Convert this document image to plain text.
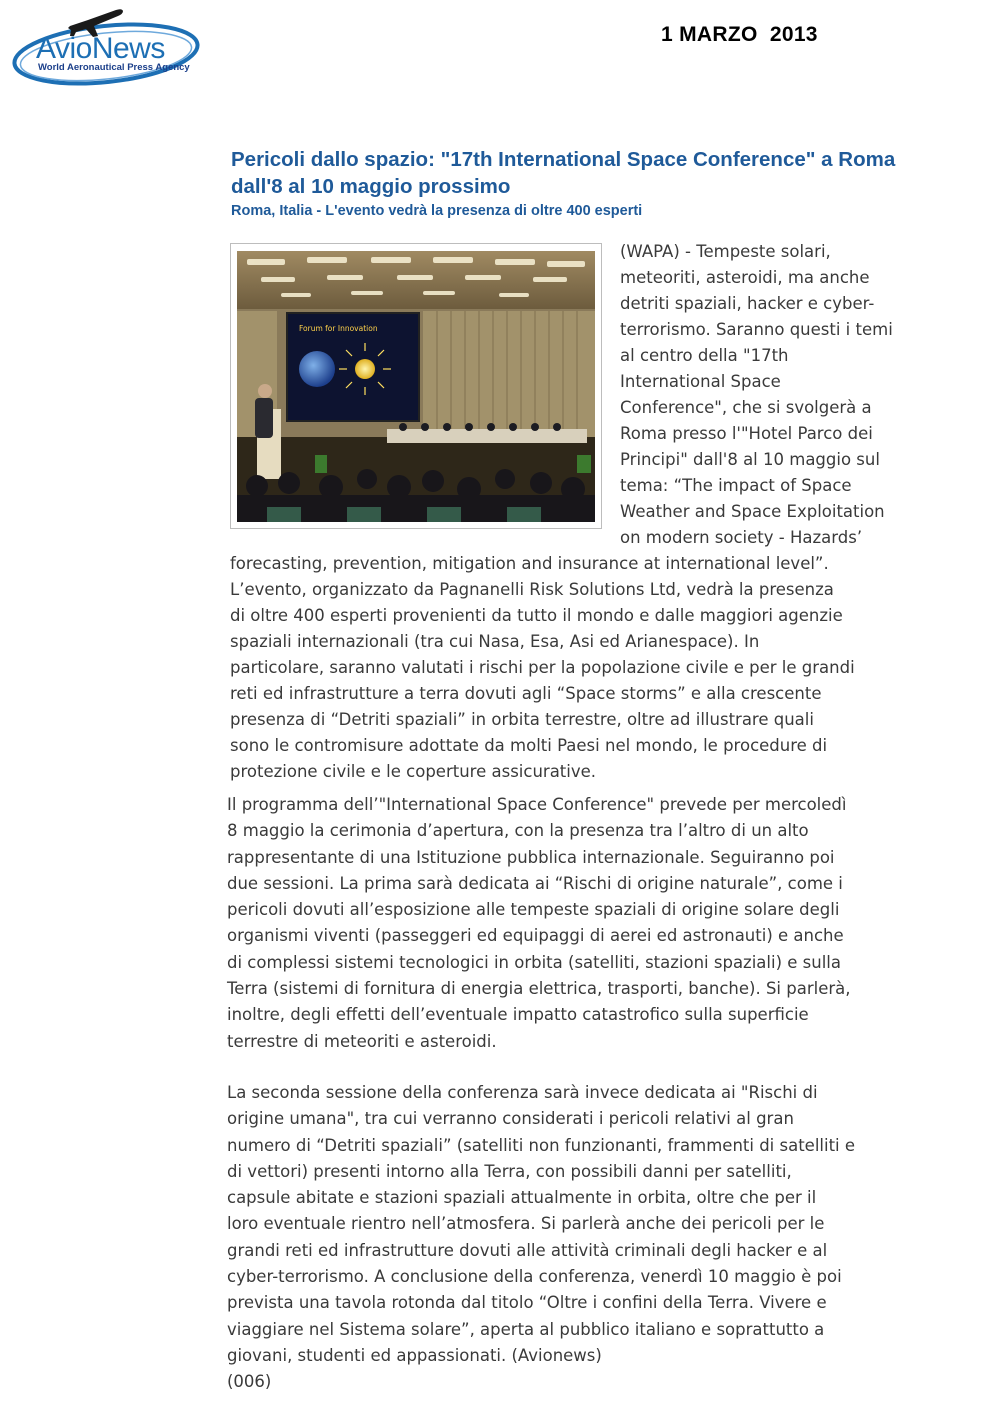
AvioNews
World Aeronautical Press Agency
1 MARZO  2013
Pericoli dallo spazio: "17th International Space Conference" a Roma dall'8 al 10 maggio prossimo
Roma, Italia - L'evento vedrà la presenza di oltre 400 esperti
Forum for Innovation
(WAPA) - Tempeste solari,
meteoriti, asteroidi, ma anche
detriti spaziali, hacker e cyber-
terrorismo. Saranno questi i temi
al centro della "17th
International Space
Conference", che si svolgerà a
Roma presso l'"Hotel Parco dei
Principi" dall'8 al 10 maggio sul
tema: “The impact of Space
Weather and Space Exploitation
on modern society - Hazards’
forecasting, prevention, mitigation and insurance at international level”.
L’evento, organizzato da Pagnanelli Risk Solutions Ltd, vedrà la presenza
di oltre 400 esperti provenienti da tutto il mondo e dalle maggiori agenzie
spaziali internazionali (tra cui Nasa, Esa, Asi ed Arianespace). In
particolare, saranno valutati i rischi per la popolazione civile e per le grandi
reti ed infrastrutture a terra dovuti agli “Space storms” e alla crescente
presenza di “Detriti spaziali” in orbita terrestre, oltre ad illustrare quali
sono le contromisure adottate da molti Paesi nel mondo, le procedure di
protezione civile e le coperture assicurative.
Il programma dell’"International Space Conference" prevede per mercoledì
8 maggio la cerimonia d’apertura, con la presenza tra l’altro di un alto
rappresentante di una Istituzione pubblica internazionale. Seguiranno poi
due sessioni. La prima sarà dedicata ai “Rischi di origine naturale”, come i
pericoli dovuti all’esposizione alle tempeste spaziali di origine solare degli
organismi viventi (passeggeri ed equipaggi di aerei ed astronauti) e anche
di complessi sistemi tecnologici in orbita (satelliti, stazioni spaziali) e sulla
Terra (sistemi di fornitura di energia elettrica, trasporti, banche). Si parlerà,
inoltre, degli effetti dell’eventuale impatto catastrofico sulla superficie
terrestre di meteoriti e asteroidi.
La seconda sessione della conferenza sarà invece dedicata ai "Rischi di
origine umana", tra cui verranno considerati i pericoli relativi al gran
numero di “Detriti spaziali” (satelliti non funzionanti, frammenti di satelliti e
di vettori) presenti intorno alla Terra, con possibili danni per satelliti,
capsule abitate e stazioni spaziali attualmente in orbita, oltre che per il
loro eventuale rientro nell’atmosfera. Si parlerà anche dei pericoli per le
grandi reti ed infrastrutture dovuti alle attività criminali degli hacker e al
cyber-terrorismo. A conclusione della conferenza, venerdì 10 maggio è poi
prevista una tavola rotonda dal titolo “Oltre i confini della Terra. Vivere e
viaggiare nel Sistema solare”, aperta al pubblico italiano e soprattutto a
giovani, studenti ed appassionati. (Avionews)
(006)
